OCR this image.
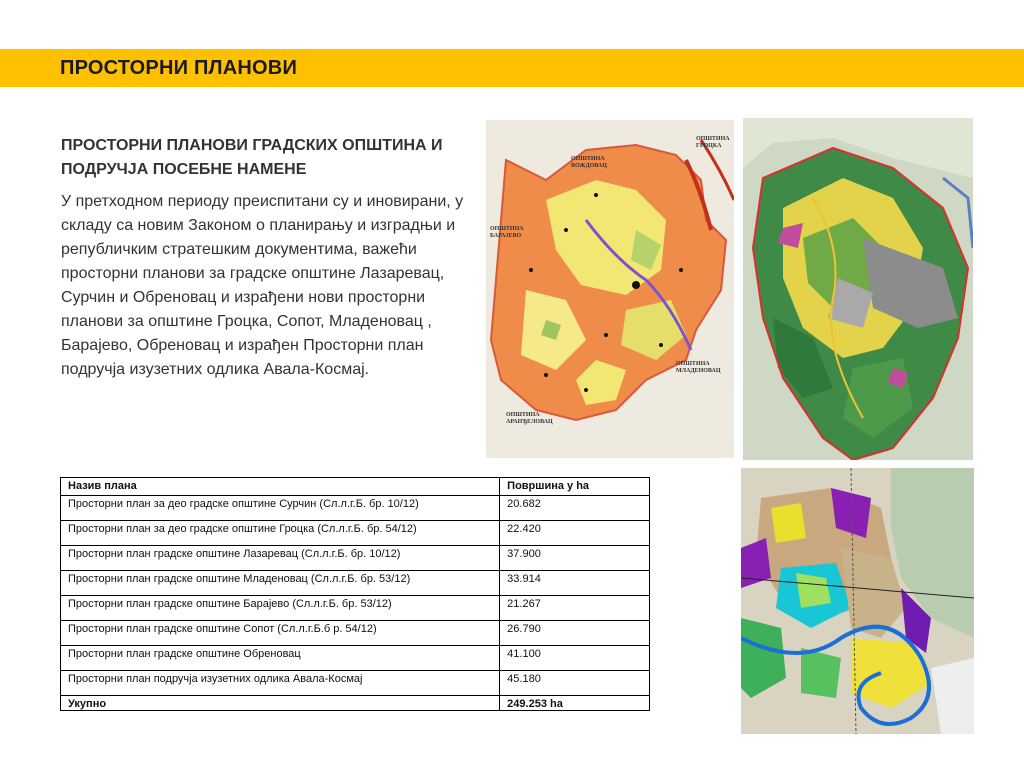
ПРОСТОРНИ ПЛАНОВИ
ПРОСТОРНИ ПЛАНОВИ ГРАДСКИХ ОПШТИНА И ПОДРУЧЈА ПОСЕБНЕ НАМЕНЕ
У претходном периоду преиспитани су и иновирани, у складу са новим Законом о планирању и изградњи и републичким стратешким документима, важећи просторни планови за градске општине Лазаревац, Сурчин и Обреновац и израђени нови просторни планови за општине Гроцка, Сопот, Младеновац , Барајево, Обреновац и израђен Просторни план подручја изузетних одлика Авала-Космај.
ОПШТИНА
ВОЖДОВАЦ
ОПШТИНА
ГРОЦКА
ОПШТИНА
БАРАЈЕВО
ОПШТИНА
МЛАДЕНОВАЦ
ОПШТИНА
АРАНЂЕЛОВАЦ
Назив плана	Површина у ha
Просторни план за део градске општине Сурчин (Сл.л.г.Б. бр. 10/12)	20.682
Просторни план за део градске општине Гроцка (Сл.л.г.Б. бр. 54/12)	22.420
Просторни план градске општине Лазаревац (Сл.л.г.Б. бр. 10/12)	37.900
Просторни план градске општине Младеновац (Сл.л.г.Б. бр. 53/12)	33.914
Просторни план градске општине Барајево (Сл.л.г.Б. бр. 53/12)	21.267
Просторни план градске општине Сопот (Сл.л.г.Б.б р. 54/12)	26.790
Просторни план градске општине Обреновац	41.100
Просторни план подручја изузетних одлика Авала-Космај	45.180
Укупно	249.253 ha
